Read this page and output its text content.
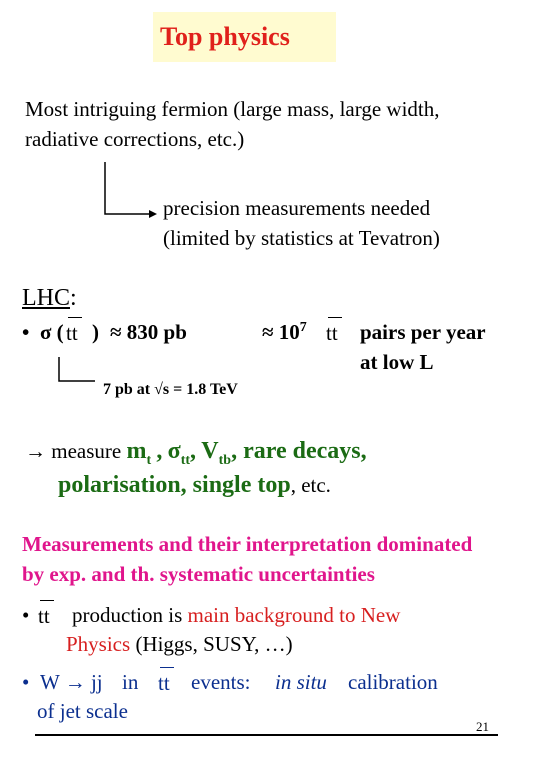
Top physics
Most intriguing fermion (large mass, large width,
radiative corrections, etc.)
precision measurements needed
(limited by statistics at Tevatron)
LHC:
• σ ( tt ) ≈ 830 pb	≈ $10^7$ tt pairs per year
at low L
7 pb at √s = 1.8 TeV
→ measure $m_t$ , $\sigma_{tt}$, $V_{tb}$, rare decays,
polarisation, single top, etc.
Measurements and their interpretation dominated
by exp. and th. systematic uncertainties
• tt production is main background to New
Physics (Higgs, SUSY, …)
• W → jj in tt events: in situ calibration
of jet scale
21
